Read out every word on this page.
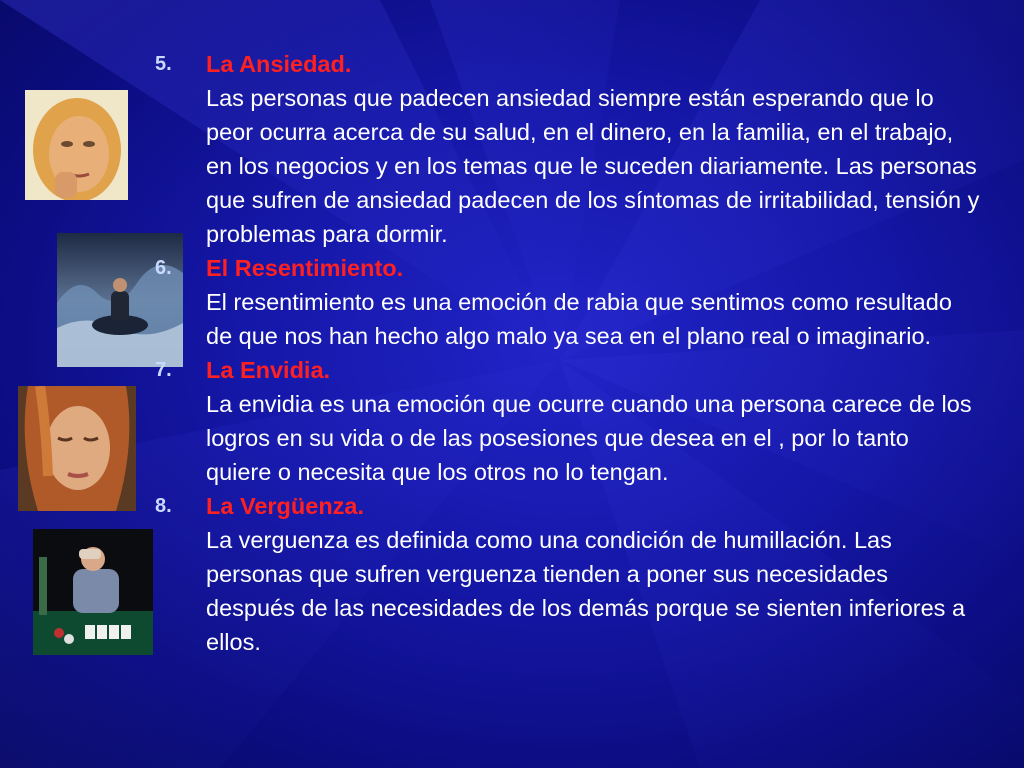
5. La Ansiedad.
Las personas que padecen ansiedad siempre están esperando que lo peor ocurra acerca de su salud, en el dinero, en la familia, en el trabajo, en los negocios y en los temas que le suceden diariamente. Las personas que sufren de ansiedad padecen de los síntomas de irritabilidad, tensión y problemas para dormir.
6. El Resentimiento.
El resentimiento es una emoción de rabia que sentimos como resultado de que nos han hecho algo malo ya sea en el plano real o imaginario.
7. La Envidia.
La envidia es una emoción que ocurre cuando una persona carece de los logros en su vida o de las posesiones que desea en el , por lo tanto quiere o necesita que los otros no lo tengan.
8. La Vergüenza.
La verguenza es definida como una condición de humillación. Las personas que sufren verguenza tienden a poner sus necesidades después de las necesidades de los demás porque se sienten inferiores a ellos.
